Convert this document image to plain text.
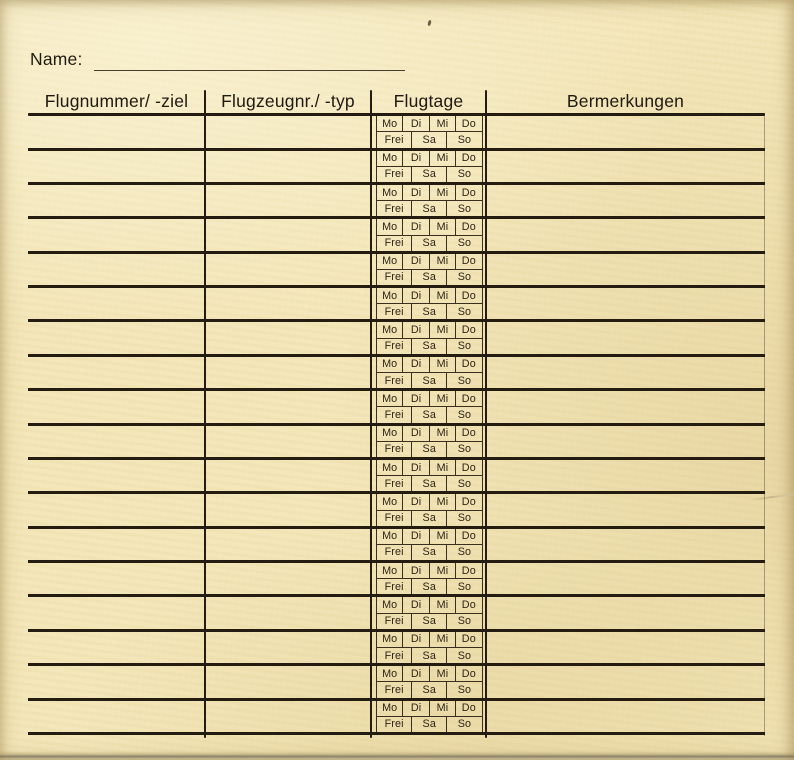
Name:
Flugnummer/ -ziel	Flugzeugnr./ -typ	Flugtage	Bermerkungen
Mo	Di	Mi	Do
Frei	Sa	So
Mo	Di	Mi	Do
Frei	Sa	So
Mo	Di	Mi	Do
Frei	Sa	So
Mo	Di	Mi	Do
Frei	Sa	So
Mo	Di	Mi	Do
Frei	Sa	So
Mo	Di	Mi	Do
Frei	Sa	So
Mo	Di	Mi	Do
Frei	Sa	So
Mo	Di	Mi	Do
Frei	Sa	So
Mo	Di	Mi	Do
Frei	Sa	So
Mo	Di	Mi	Do
Frei	Sa	So
Mo	Di	Mi	Do
Frei	Sa	So
Mo	Di	Mi	Do
Frei	Sa	So
Mo	Di	Mi	Do
Frei	Sa	So
Mo	Di	Mi	Do
Frei	Sa	So
Mo	Di	Mi	Do
Frei	Sa	So
Mo	Di	Mi	Do
Frei	Sa	So
Mo	Di	Mi	Do
Frei	Sa	So
Mo	Di	Mi	Do
Frei	Sa	So
